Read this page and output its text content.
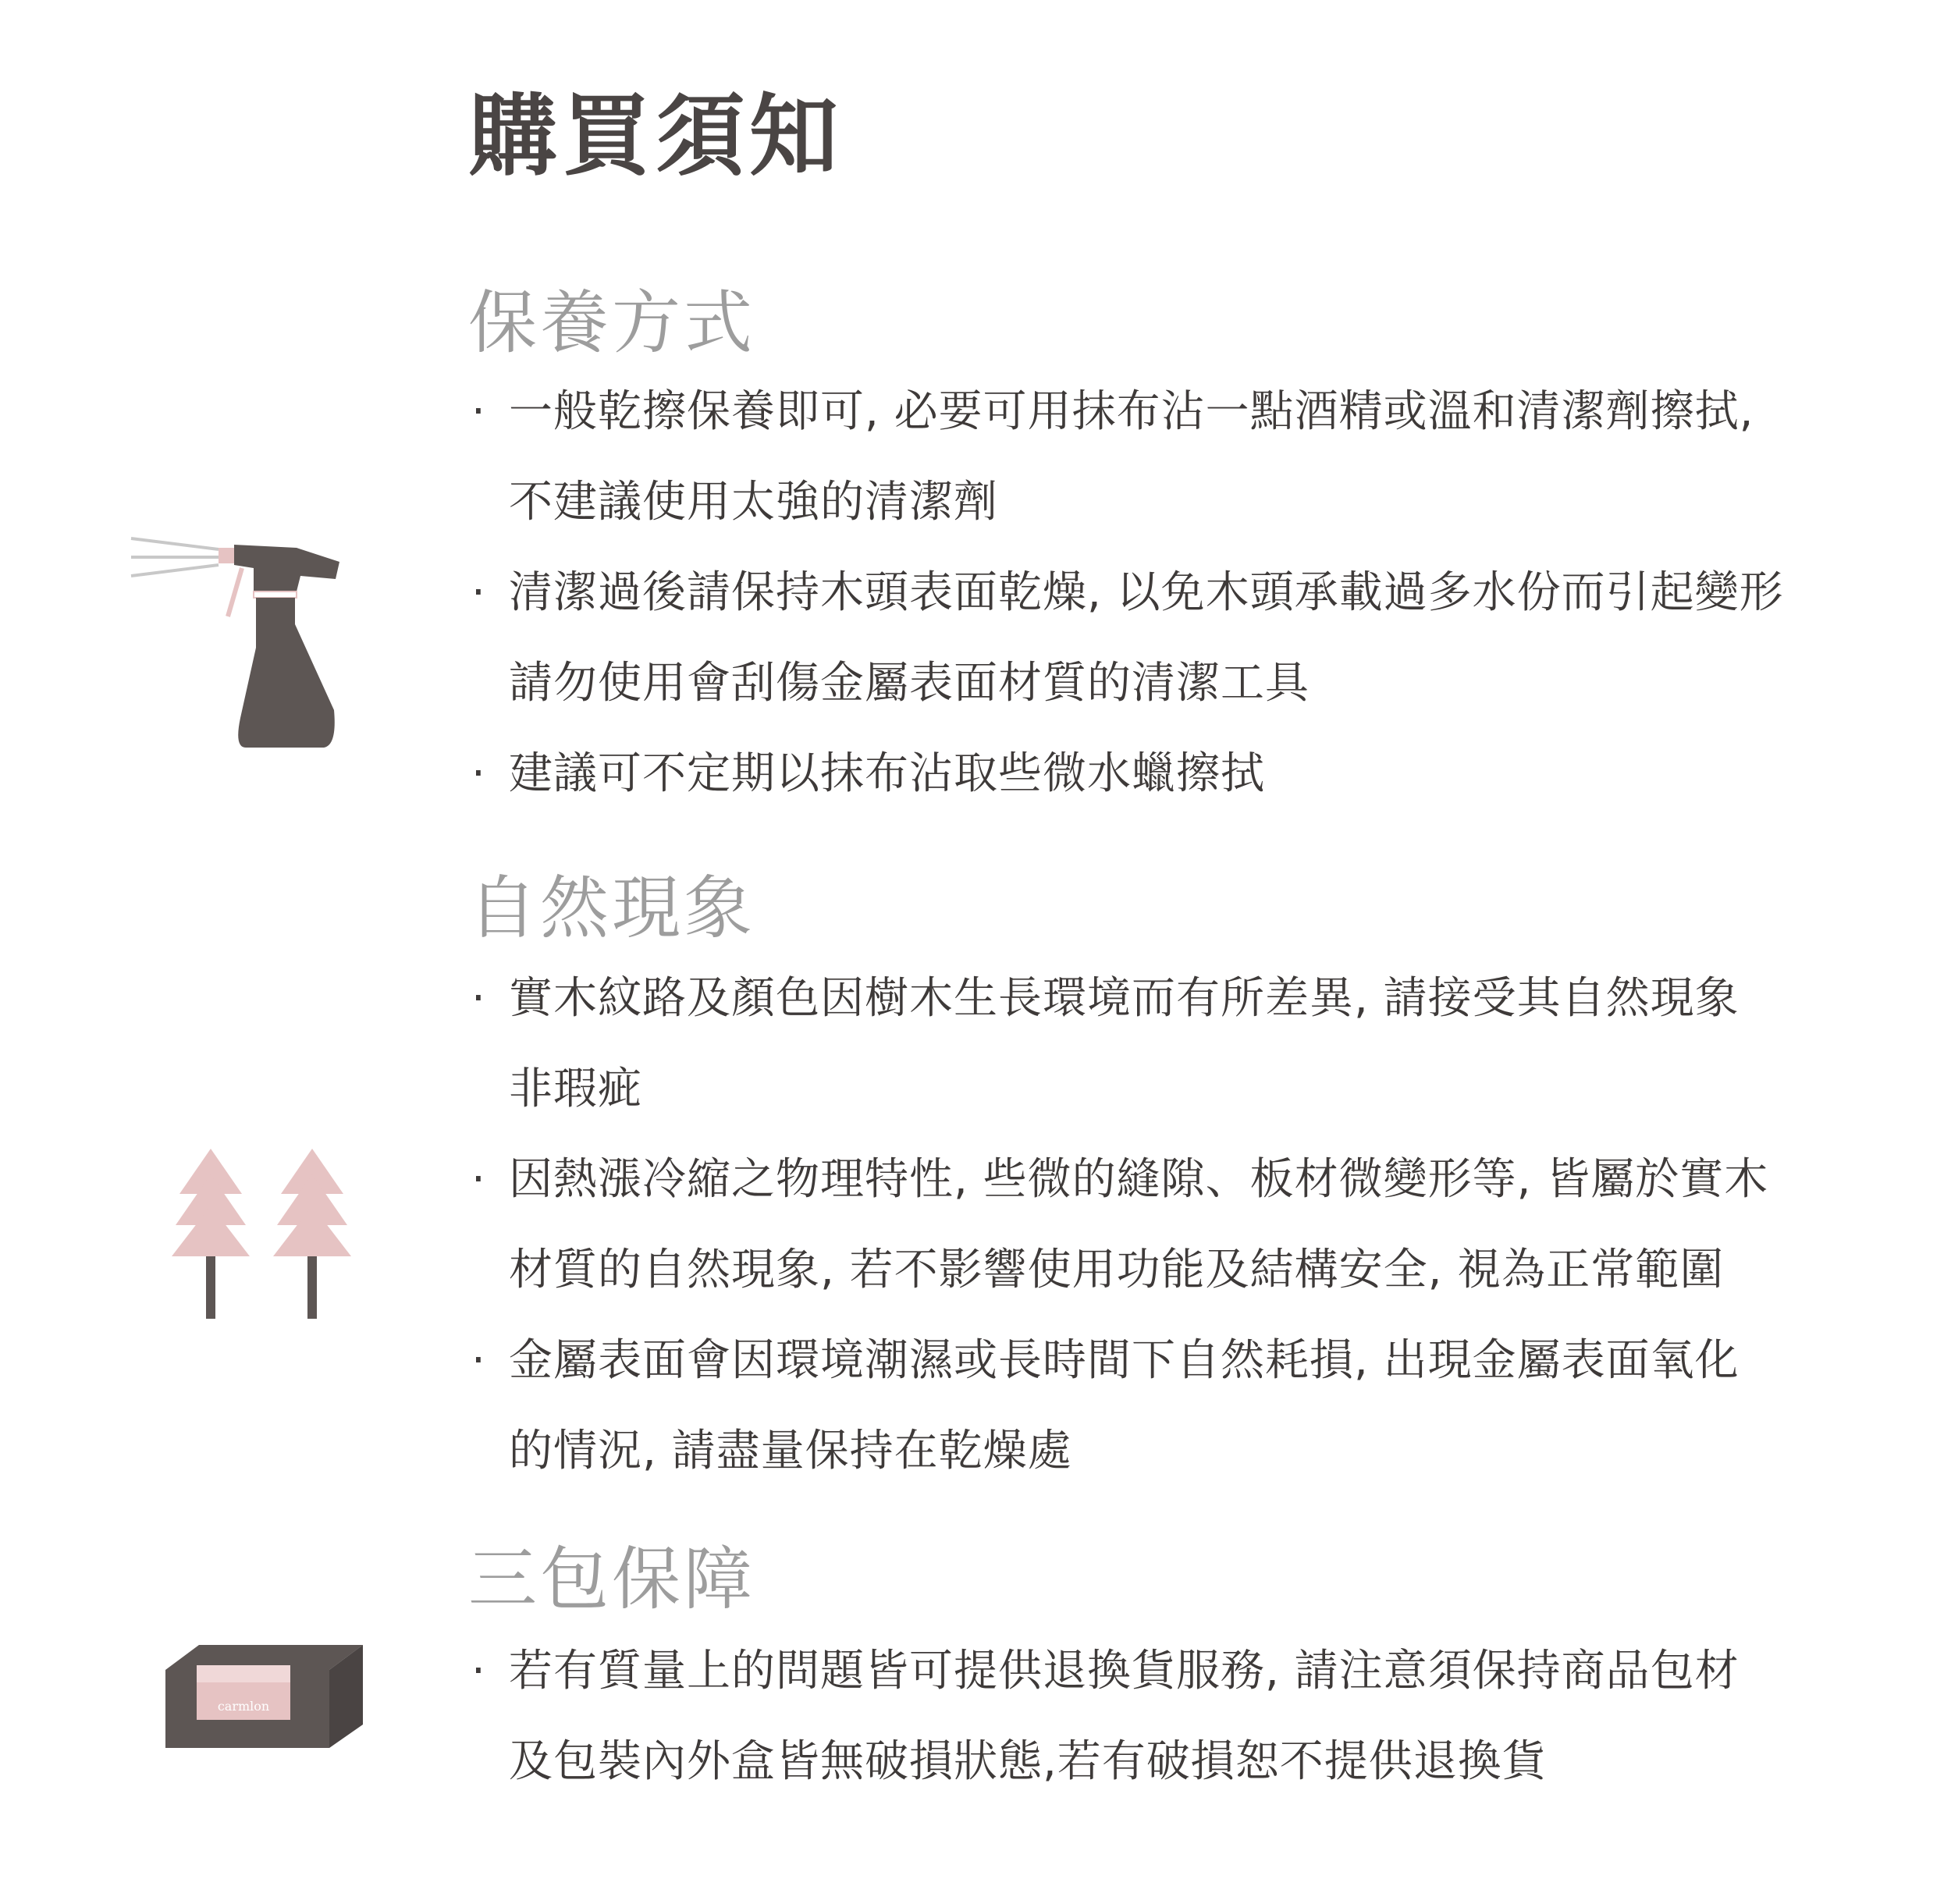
購買須知
保養方式
· 一般乾擦保養即可, 必要可用抹布沾一點酒精或溫和清潔劑擦拭,
不建議使用太強的清潔劑
· 清潔過後請保持木頭表面乾燥, 以免木頭承載過多水份而引起變形
請勿使用會刮傷金屬表面材質的清潔工具
· 建議可不定期以抹布沾取些微水蠟擦拭
自然現象
· 實木紋路及顏色因樹木生長環境而有所差異, 請接受其自然現象
非瑕疵
· 因熱漲冷縮之物理特性, 些微的縫隙、板材微變形等, 皆屬於實木
材質的自然現象, 若不影響使用功能及結構安全, 視為正常範圍
· 金屬表面會因環境潮濕或長時間下自然耗損, 出現金屬表面氧化
的情況, 請盡量保持在乾燥處
三包保障
carmlon
· 若有質量上的問題皆可提供退換貨服務, 請注意須保持商品包材
及包裝內外盒皆無破損狀態,若有破損恕不提供退換貨
